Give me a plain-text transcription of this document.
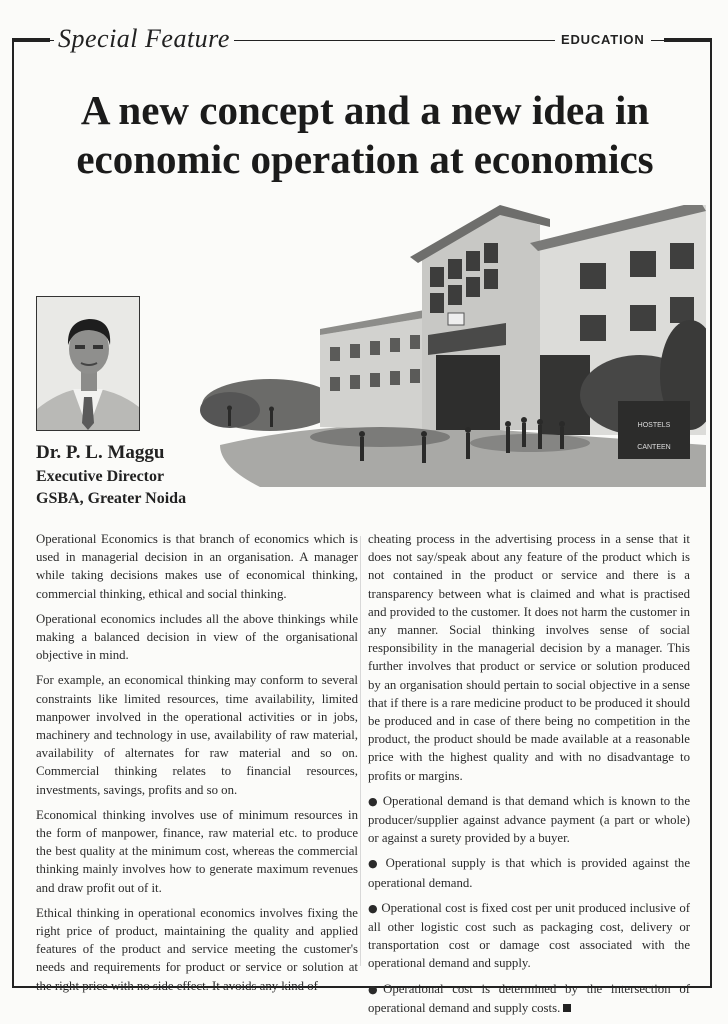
Special Feature	EDUCATION
A new concept and a new idea in
economic operation at economics
Dr. P. L. Maggu
Executive Director
GSBA, Greater Noida
HOSTELS
CANTEEN

Operational Economics is that branch of economics which is used in managerial decision in an organisation. A manager while taking decisions makes use of economical thinking, commercial thinking, ethical and social thinking.

Operational economics includes all the above thinkings while making a balanced decision in view of the organisational objective in mind.

For example, an economical thinking may conform to several constraints like limited resources, time availability, limited manpower involved in the operational activities or in jobs, machinery and technology in use, availability of raw material, availability of alternates for raw material and so on. Commercial thinking relates to financial resources, investments, savings, profits and so on.

Economical thinking involves use of minimum resources in the form of manpower, finance, raw material etc. to produce the best quality at the minimum cost, whereas the commercial thinking mainly involves how to generate maximum revenues and draw profit out of it.

Ethical thinking in operational economics involves fixing the right price of product, maintaining the quality and applied features of the product and service meeting the customer's needs and requirements for product or service or solution at the right price with no side effect. It avoids any kind of

cheating process in the advertising process in a sense that it does not say/speak about any feature of the product which is not contained in the product or service and there is a transparency between what is claimed and what is practised and provided to the customer. It does not harm the customer in any manner. Social thinking involves sense of social responsibility in the managerial decision by a manager. This further involves that product or service or solution produced by an organisation should pertain to social objective in a sense that if there is a rare medicine product to be produced it should be produced and in case of there being no competition in the product, the product should be made available at a reasonable price with the highest quality and with no disadvantage to profits or margins.

● Operational demand is that demand which is known to the producer/supplier against advance payment (a part or whole) or against a surety provided by a buyer.

● Operational supply is that which is provided against the operational demand.

● Operational cost is fixed cost per unit produced inclusive of all other logistic cost such as packaging cost, delivery or transportation cost or damage cost associated with the operational demand and supply.

●Operational cost is determined by the intersection of operational demand and supply costs.
